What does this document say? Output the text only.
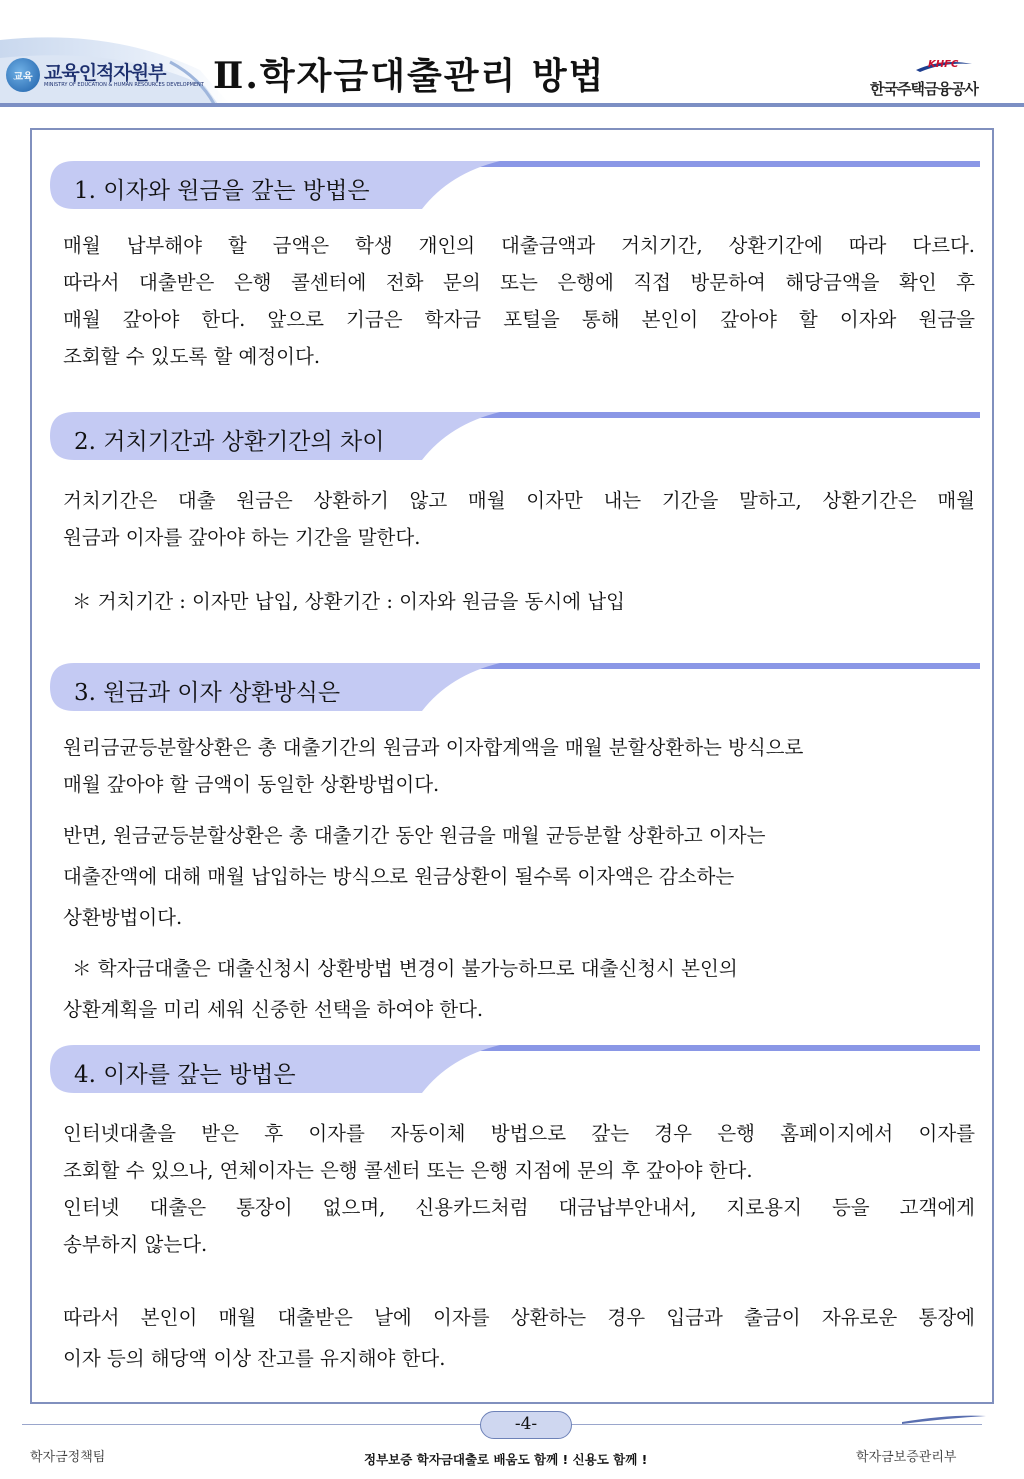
교육 교육인적자원부
MINISTRY OF EDUCATION & HUMAN RESOURCES DEVELOPMENT Ⅱ.학자금대출관리 방법	KHFC
한국주택금융공사
1. 이자와 원금을 갚는 방법은
매월 납부해야 할 금액은 학생 개인의 대출금액과 거치기간, 상환기간에 따라 다르다.
따라서 대출받은 은행 콜센터에 전화 문의 또는 은행에 직접 방문하여 해당금액을 확인 후
매월 갚아야 한다. 앞으로 기금은 학자금 포털을 통해 본인이 갚아야 할 이자와 원금을
조회할 수 있도록 할 예정이다.
2. 거치기간과 상환기간의 차이
거치기간은 대출 원금은 상환하기 않고 매월 이자만 내는 기간을 말하고, 상환기간은 매월
원금과 이자를 갚아야 하는 기간을 말한다.
＊ 거치기간 : 이자만 납입, 상환기간 : 이자와 원금을 동시에 납입
3. 원금과 이자 상환방식은
원리금균등분할상환은 총 대출기간의 원금과 이자합계액을 매월 분할상환하는 방식으로
매월 갚아야 할 금액이 동일한 상환방법이다.
반면, 원금균등분할상환은 총 대출기간 동안 원금을 매월 균등분할 상환하고 이자는
대출잔액에 대해 매월 납입하는 방식으로 원금상환이 될수록 이자액은 감소하는
상환방법이다.
＊ 학자금대출은 대출신청시 상환방법 변경이 불가능하므로 대출신청시 본인의
상환계획을 미리 세워 신중한 선택을 하여야 한다.
4. 이자를 갚는 방법은
인터넷대출을 받은 후 이자를 자동이체 방법으로 갚는 경우 은행 홈페이지에서 이자를
조회할 수 있으나, 연체이자는 은행 콜센터 또는 은행 지점에 문의 후 갚아야 한다.
인터넷 대출은 통장이 없으며, 신용카드처럼 대금납부안내서, 지로용지 등을 고객에게
송부하지 않는다.
따라서 본인이 매월 대출받은 날에 이자를 상환하는 경우 입금과 출금이 자유로운 통장에
이자 등의 해당액 이상 잔고를 유지해야 한다.
-4-
학자금정책팀	정부보증 학자금대출로 배움도 함께 ! 신용도 함께 !	학자금보증관리부
